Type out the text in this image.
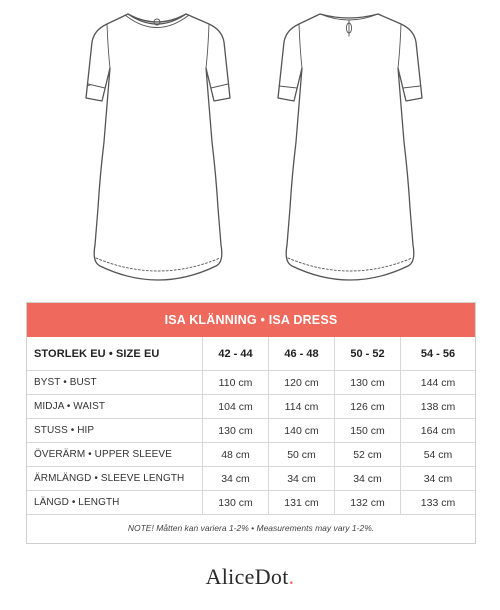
ISA KLÄNNING • ISA DRESS
STORLEK EU • SIZE EU	42 - 44	46 - 48	50 - 52	54 - 56
BYST • BUST	110 cm	120 cm	130 cm	144 cm
MIDJA • WAIST	104 cm	114 cm	126 cm	138 cm
STUSS • HIP	130 cm	140 cm	150 cm	164 cm
ÖVERÄRM • UPPER SLEEVE	48 cm	50 cm	52 cm	54 cm
ÄRMLÄNGD • SLEEVE LENGTH	34 cm	34 cm	34 cm	34 cm
LÄNGD • LENGTH	130 cm	131 cm	132 cm	133 cm
NOTE! Måtten kan variera 1-2% • Measurements may vary 1-2%.
AliceDot .
